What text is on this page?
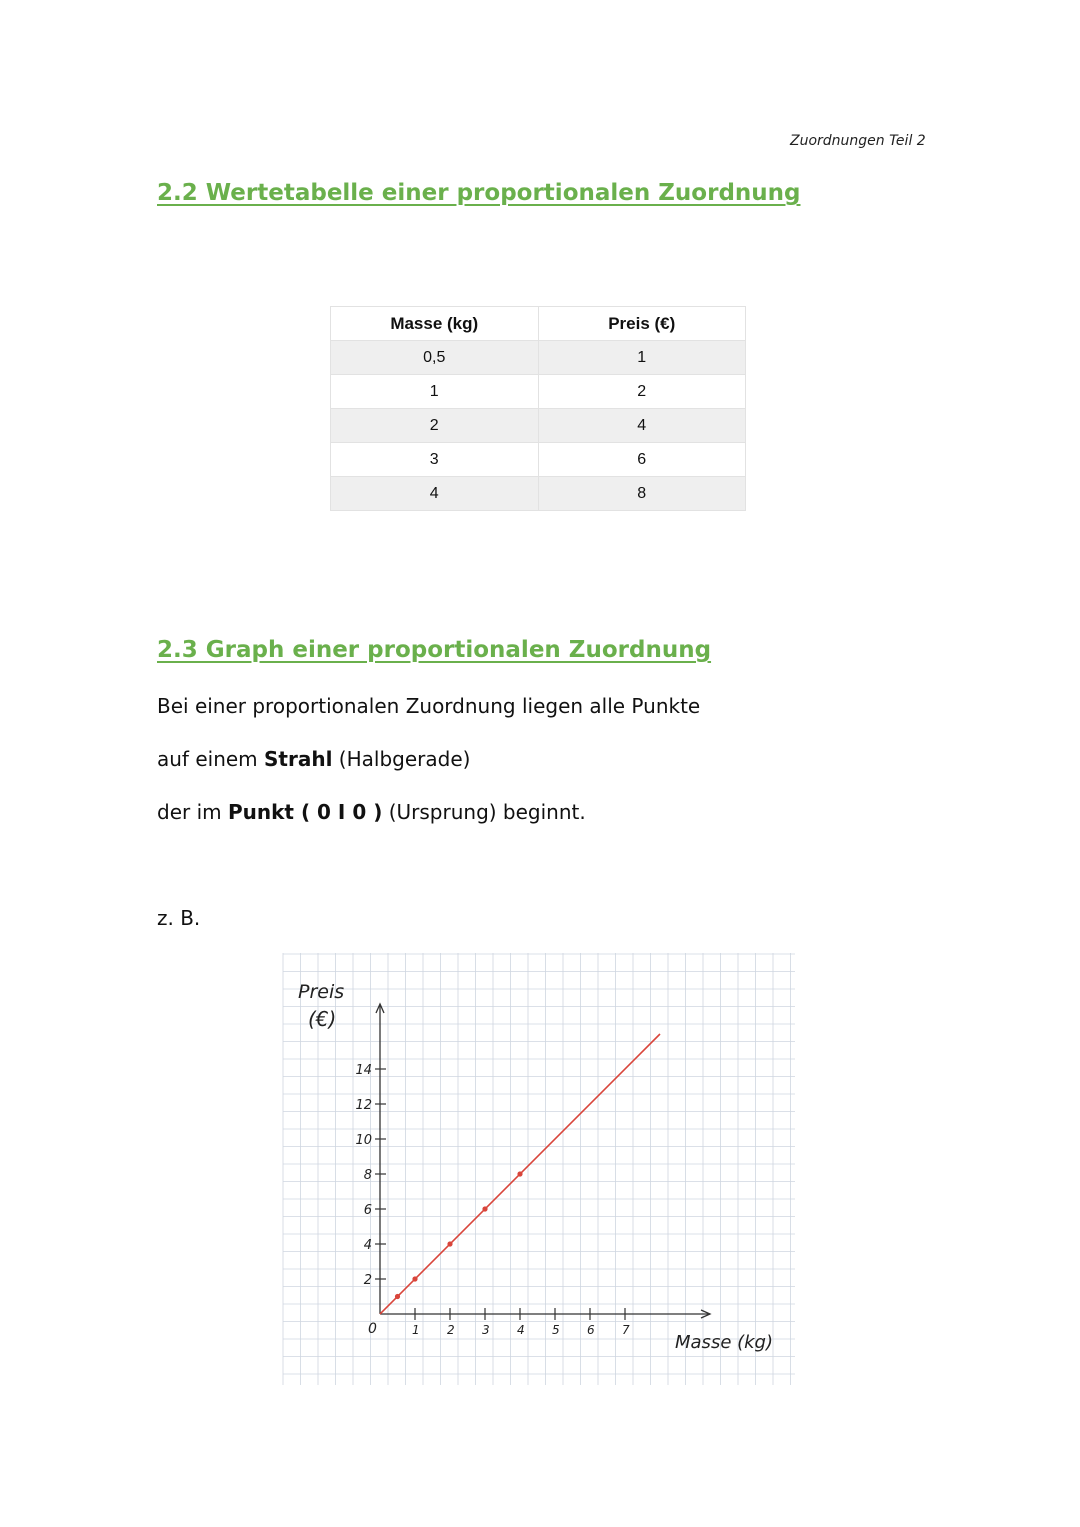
Zuordnungen Teil 2
2.2 Wertetabelle einer proportionalen Zuordnung
Masse (kg)	Preis (€)
0,5	1
1	2
2	4
3	6
4	8
2.3 Graph einer proportionalen Zuordnung
Bei einer proportionalen Zuordnung liegen alle Punkte
auf einem Strahl (Halbgerade)
der im Punkt ( 0 I 0 ) (Ursprung) beginnt.
z. B.
1 2 3 4 5 6 7
2
4
6
8
10
12
14
Preis
(€)
Masse (kg)
0
